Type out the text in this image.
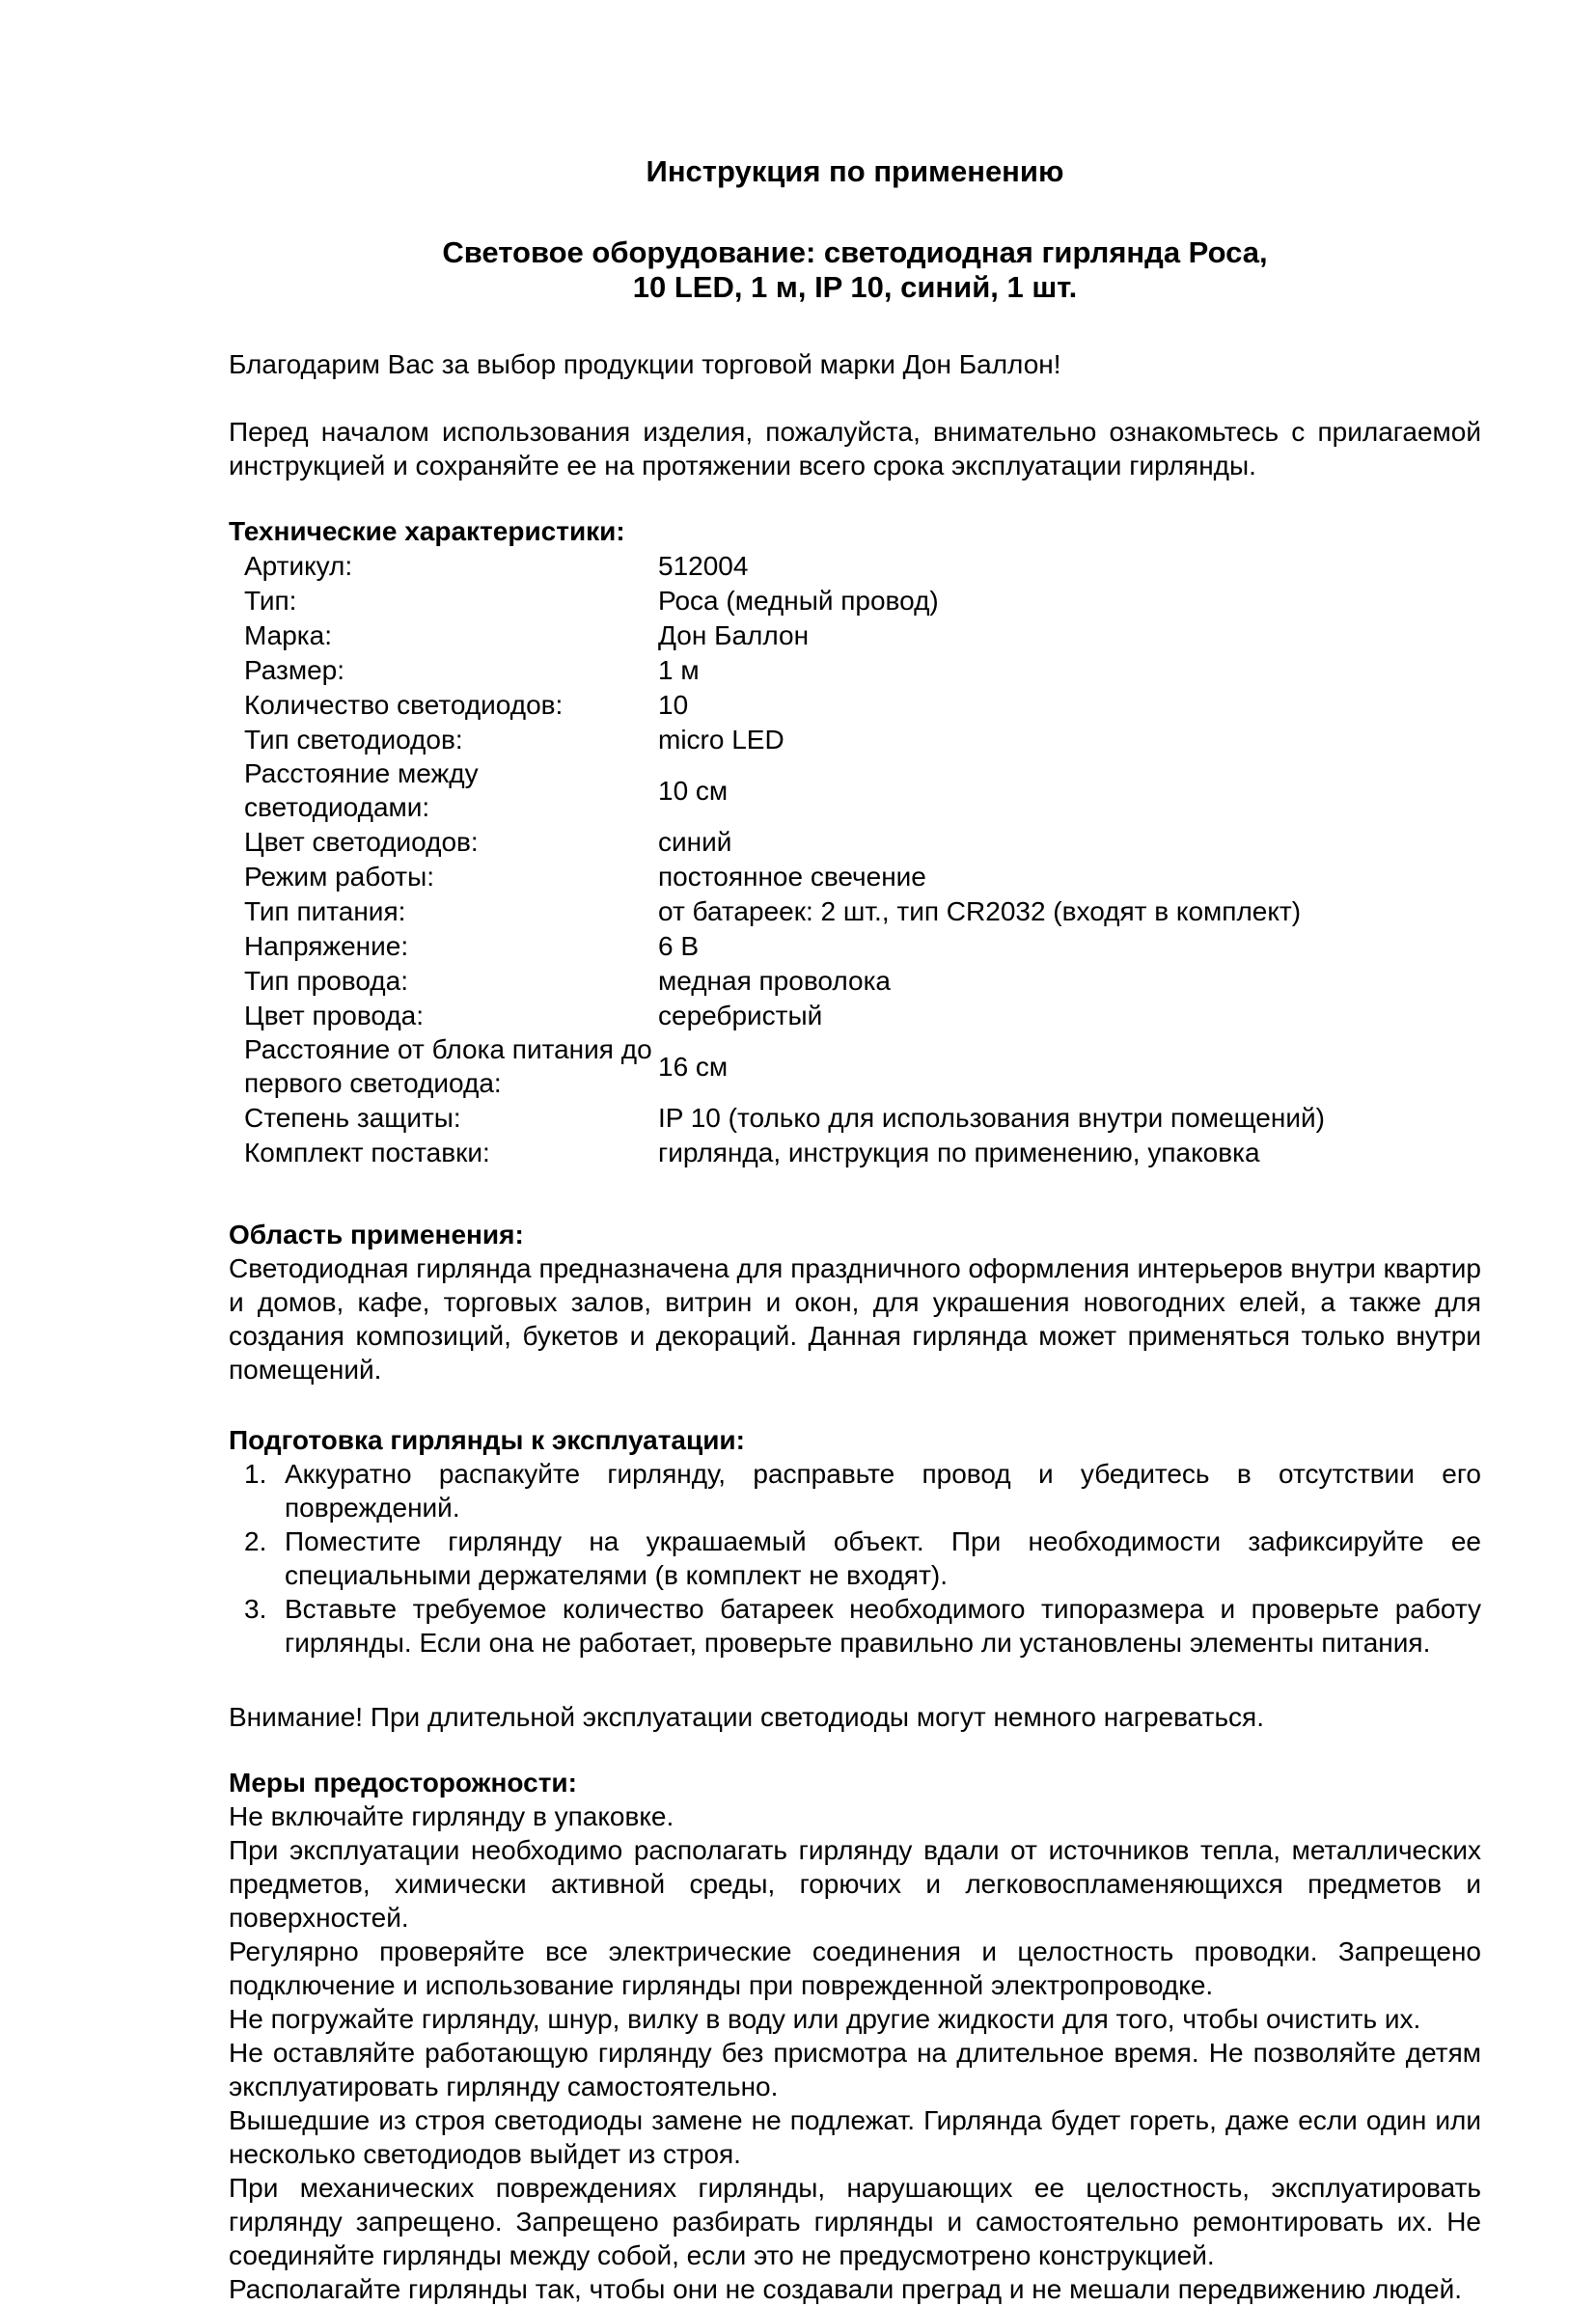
Инструкция по применению
Световое оборудование: светодиодная гирлянда Роса,
10 LED, 1 м, IP 10, синий, 1 шт.

Благодарим Вас за выбор продукции торговой марки Дон Баллон!

Перед началом использования изделия, пожалуйста, внимательно ознакомьтесь с прилагаемой инструкцией и сохраняйте ее на протяжении всего срока эксплуатации гирлянды.

Технические характеристики:
Артикул:	512004
Тип:	Роса (медный провод)
Марка:	Дон Баллон
Размер:	1 м
Количество светодиодов:	10
Тип светодиодов:	micro LED
Расстояние между светодиодами:
10 см
Цвет светодиодов:	синий
Режим работы:	постоянное свечение
Тип питания:	от батареек: 2 шт., тип CR2032 (входят в комплект)
Напряжение:	6 В
Тип провода:	медная проволока
Цвет провода:	серебристый
Расстояние от блока питания до первого светодиода:
16 см
Степень защиты:	IP 10 (только для использования внутри помещений)
Комплект поставки:	гирлянда, инструкция по применению, упаковка
Область применения:

Светодиодная гирлянда предназначена для праздничного оформления интерьеров внутри квартир и домов, кафе, торговых залов, витрин и окон, для украшения новогодних елей, а также для создания композиций, букетов и декораций. Данная гирлянда может применяться только внутри помещений.

Подготовка гирлянды к эксплуатации:
1. Аккуратно распакуйте гирлянду, расправьте провод и убедитесь в отсутствии его повреждений.
2. Поместите гирлянду на украшаемый объект. При необходимости зафиксируйте ее специальными держателями (в комплект не входят).
3. Вставьте требуемое количество батареек необходимого типоразмера и проверьте работу гирлянды. Если она не работает, проверьте правильно ли установлены элементы питания.

Внимание! При длительной эксплуатации светодиоды могут немного нагреваться.

Меры предосторожности:

Не включайте гирлянду в упаковке.

При эксплуатации необходимо располагать гирлянду вдали от источников тепла, металлических предметов, химически активной среды, горючих и легковоспламеняющихся предметов и поверхностей.

Регулярно проверяйте все электрические соединения и целостность проводки. Запрещено подключение и использование гирлянды при поврежденной электропроводке.

Не погружайте гирлянду, шнур, вилку в воду или другие жидкости для того, чтобы очистить их.

Не оставляйте работающую гирлянду без присмотра на длительное время. Не позволяйте детям эксплуатировать гирлянду самостоятельно.

Вышедшие из строя светодиоды замене не подлежат. Гирлянда будет гореть, даже если один или несколько светодиодов выйдет из строя.

При механических повреждениях гирлянды, нарушающих ее целостность, эксплуатировать гирлянду запрещено. Запрещено разбирать гирлянды и самостоятельно ремонтировать их. Не соединяйте гирлянды между собой, если это не предусмотрено конструкцией.

Располагайте гирлянды так, чтобы они не создавали преград и не мешали передвижению людей.
